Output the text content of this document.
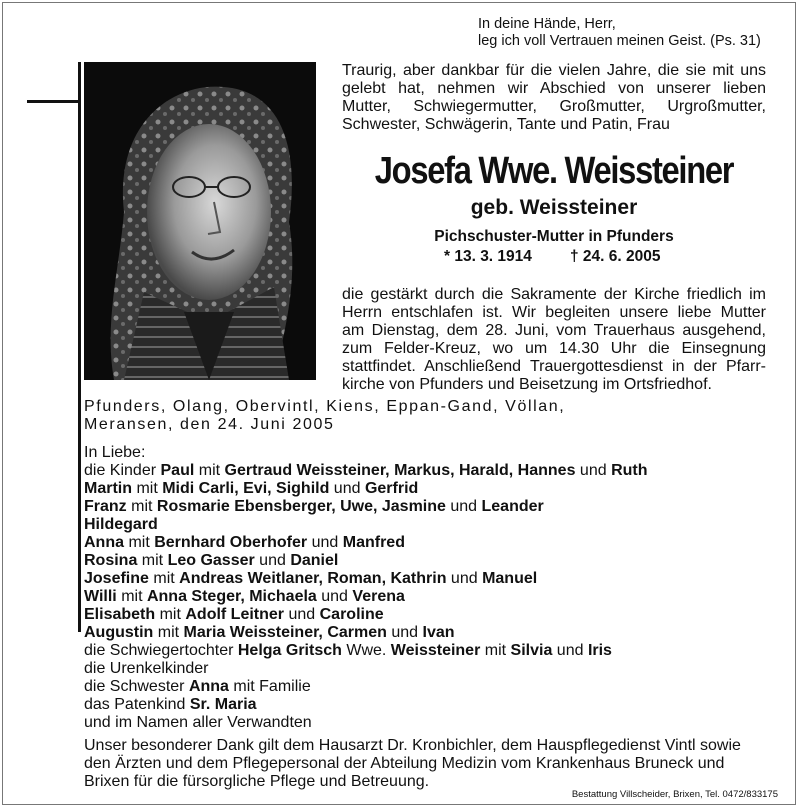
In deine Hände, Herr,
leg ich voll Vertrauen meinen Geist. (Ps. 31)
Traurig, aber dankbar für die vielen Jahre, die sie mit uns
gelebt hat, nehmen wir Abschied von unserer lieben
Mutter, Schwiegermutter, Großmutter, Urgroßmutter,
Schwester, Schwägerin, Tante und Patin, Frau
Josefa Wwe. Weissteiner
geb. Weissteiner
Pichschuster-Mutter in Pfunders
* 13. 3. 1914 † 24. 6. 2005
die gestärkt durch die Sakramente der Kirche friedlich im
Herrn entschlafen ist. Wir begleiten unsere liebe Mutter
am Dienstag, dem 28. Juni, vom Trauerhaus ausgehend,
zum Felder-Kreuz, wo um 14.30 Uhr die Einsegnung
stattfindet. Anschließend Trauergottesdienst in der Pfarr-
kirche von Pfunders und Beisetzung im Ortsfriedhof.
Pfunders, Olang, Obervintl, Kiens, Eppan-Gand, Völlan,
Meransen, den 24. Juni 2005
In Liebe:
die Kinder Paul mit Gertraud Weissteiner, Markus, Harald, Hannes und Ruth
Martin mit Midi Carli, Evi, Sighild und Gerfrid
Franz mit Rosmarie Ebensberger, Uwe, Jasmine und Leander
Hildegard
Anna mit Bernhard Oberhofer und Manfred
Rosina mit Leo Gasser und Daniel
Josefine mit Andreas Weitlaner, Roman, Kathrin und Manuel
Willi mit Anna Steger, Michaela und Verena
Elisabeth mit Adolf Leitner und Caroline
Augustin mit Maria Weissteiner, Carmen und Ivan
die Schwiegertochter Helga Gritsch Wwe. Weissteiner mit Silvia und Iris
die Urenkelkinder
die Schwester Anna mit Familie
das Patenkind Sr. Maria
und im Namen aller Verwandten
Unser besonderer Dank gilt dem Hausarzt Dr. Kronbichler, dem Hauspflegedienst Vintl sowie
den Ärzten und dem Pflegepersonal der Abteilung Medizin vom Krankenhaus Bruneck und
Brixen für die fürsorgliche Pflege und Betreuung.
Bestattung Villscheider, Brixen, Tel. 0472/833175
